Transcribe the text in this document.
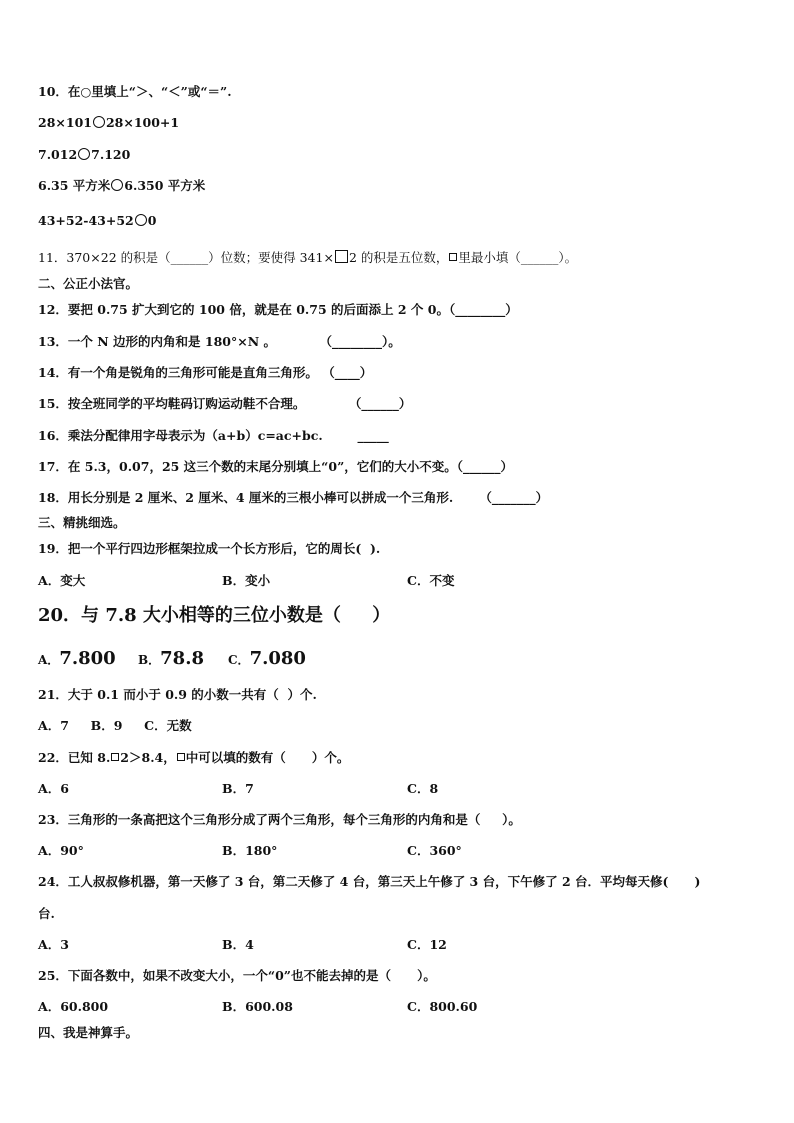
10．在○里填上“＞、“＜”或“＝”.
28×101 28×100+1
7.012 7.120
6.35 平方米 6.350 平方米
43+52-43+52 0
11．370×22 的积是（______）位数；要使得 341× 2 的积是五位数， 里最小填（______）。
二、公正小法官。
12．要把 0.75 扩大到它的 100 倍，就是在 0.75 的后面添上 2 个 0。（________）
13．一个 N 边形的内角和是 180°×N 。          （________）。
14．有一个角是锐角的三角形可能是直角三角形。 （____）
15．按全班同学的平均鞋码订购运动鞋不合理。          （______）
16．乘法分配律用字母表示为（a+b）c=ac+bc.        _____
17．在 5.3，0.07，25 这三个数的末尾分别填上“0”，它们的大小不变。（______）
18．用长分别是 2 厘米、2 厘米、4 厘米的三根小棒可以拼成一个三角形.      （_______）
三、精挑细选。
19．把一个平行四边形框架拉成一个长方形后，它的周长(  ).
A．变大	B．变小	C．不变
20．与 7.8 大小相等的三位小数是（     ）
A．7.800 B．78.8 C．7.080
21．大于 0.1 而小于 0.9 的小数一共有（  ）个.
A．7     B．9     C．无数
22．已知 8. 2＞8.4， 中可以填的数有（      ）个。
A．6	B．7	C．8
23．三角形的一条高把这个三角形分成了两个三角形，每个三角形的内角和是（     ）。
A．90°	B．180°	C．360°
24．工人叔叔修机器，第一天修了 3 台，第二天修了 4 台，第三天上午修了 3 台，下午修了 2 台．平均每天修(      )
台.
A．3	B．4	C．12
25．下面各数中，如果不改变大小，一个“0”也不能去掉的是（      ）。
A．60.800	B．600.08	C．800.60
四、我是神算手。
